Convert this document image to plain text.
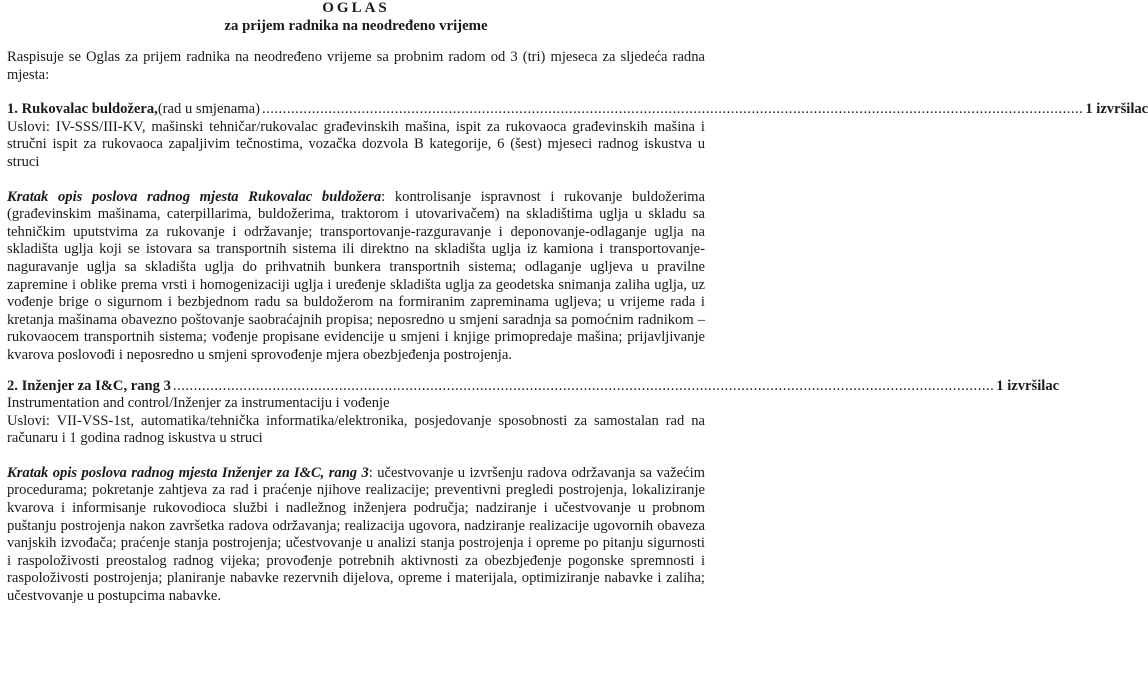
OGLAS
za prijem radnika na neodređeno vrijeme
Raspisuje se Oglas za prijem radnika na neodređeno vrijeme sa probnim radom od 3 (tri) mjeseca za sljedeća radna mjesta:
1. Rukovalac buldožera, (rad u smjenama) ...................................................................................................................................................................................................... 1 izvršilac
Uslovi: IV-SSS/III-KV, mašinski tehničar/rukovalac građevinskih mašina, ispit za rukovaoca građevinskih mašina i stručni ispit za rukovaoca zapaljivim tečnostima, vozačka dozvola B kategorije, 6 (šest) mjeseci radnog iskustva u struci
Kratak opis poslova radnog mjesta Rukovalac buldožera: kontrolisanje ispravnost i rukovanje buldožerima (građevinskim mašinama, caterpillarima, buldožerima, traktorom i utovarivačem) na skladištima uglja u skladu sa tehničkim uputstvima za rukovanje i održavanje; transportovanje-razguravanje i deponovanje-odlaganje uglja na skladišta uglja koji se istovara sa transportnih sistema ili direktno na skladišta uglja iz kamiona i transportovanje-naguravanje uglja sa skladišta uglja do prihvatnih bunkera transportnih sistema; odlaganje ugljeva u pravilne zapremine i oblike prema vrsti i homogenizaciji uglja i uređenje skladišta uglja za geodetska snimanja zaliha uglja, uz vođenje brige o sigurnom i bezbjednom radu sa buldožerom na formiranim zapreminama ugljeva; u vrijeme rada i kretanja mašinama obavezno poštovanje saobraćajnih propisa; neposredno u smjeni saradnja sa pomoćnim radnikom – rukovaocem transportnih sistema; vođenje propisane evidencije u smjeni i knjige primopredaje mašina; prijavljivanje kvarova poslovođi i neposredno u smjeni sprovođenje mjera obezbjeđenja postrojenja.
2. Inženjer za I&C, rang 3 ...................................................................................................................................................................................................... 1 izvršilac
Instrumentation and control/Inženjer za instrumentaciju i vođenje
Uslovi: VII-VSS-1st, automatika/tehnička informatika/elektronika, posjedovanje sposobnosti za samostalan rad na računaru i 1 godina radnog iskustva u struci
Kratak opis poslova radnog mjesta Inženjer za I&C, rang 3: učestvovanje u izvršenju radova održavanja sa važećim procedurama; pokretanje zahtjeva za rad i praćenje njihove realizacije; preventivni pregledi postrojenja, lokaliziranje kvarova i informisanje rukovodioca službi i nadležnog inženjera područja; nadziranje i učestvovanje u probnom puštanju postrojenja nakon završetka radova održavanja; realizacija ugovora, nadziranje realizacije ugovornih obaveza vanjskih izvođača; praćenje stanja postrojenja; učestvovanje u analizi stanja postrojenja i opreme po pitanju sigurnosti i raspoloživosti preostalog radnog vijeka; provođenje potrebnih aktivnosti za obezbjeđenje pogonske spremnosti i raspoloživosti postrojenja; planiranje nabavke rezervnih dijelova, opreme i materijala, optimiziranje nabavke i zaliha; učestvovanje u postupcima nabavke.
